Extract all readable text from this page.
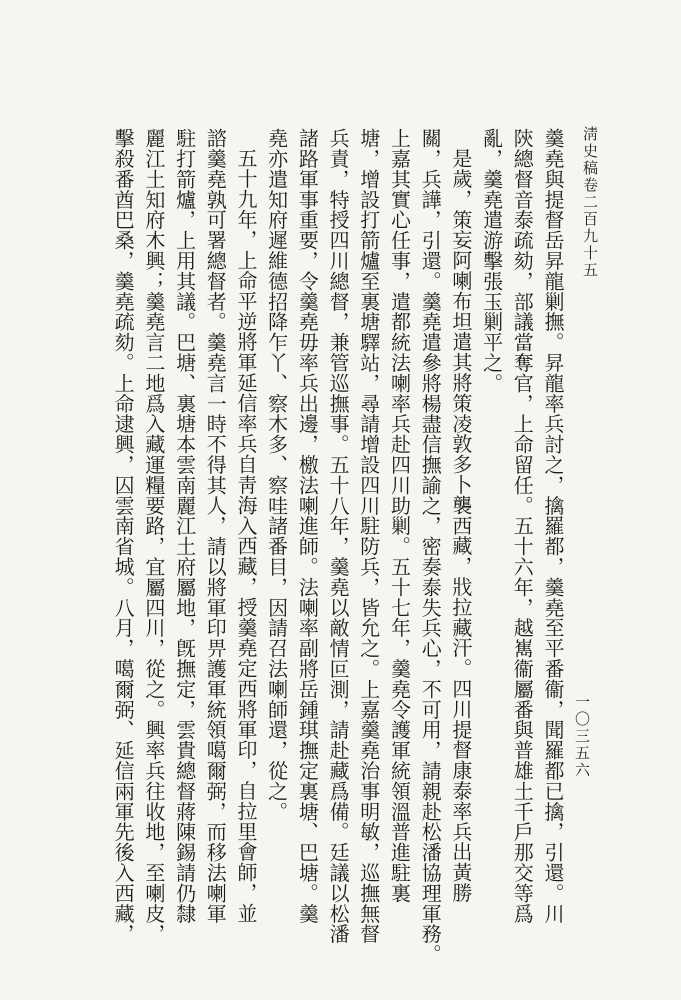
淸史稿卷二百九十五
一〇三五六
羹堯與提督岳昇龍剿撫。昇龍率兵討之，擒羅都，羹堯至平番衞，聞羅都已擒，引還。川
陝總督音泰疏劾，部議當奪官，上命留任。五十六年，越嶲衞屬番與普雄土千戶那交等爲
亂，羹堯遣游擊張玉剿平之。
是歲，策妄阿喇布坦遣其將策凌敦多卜襲西藏，戕拉藏汗。四川提督康泰率兵出黃勝
關，兵譁，引還。羹堯遣參將楊盡信撫諭之，密奏泰失兵心，不可用，請親赴松潘協理軍務。
上嘉其實心任事，遣都統法喇率兵赴四川助剿。五十七年，羹堯令護軍統領溫普進駐裏
塘，增設打箭爐至裏塘驛站，尋請增設四川駐防兵，皆允之。上嘉羹堯治事明敏，巡撫無督
兵責，特授四川總督，兼管巡撫事。五十八年，羹堯以敵情叵測，請赴藏爲備。廷議以松潘
諸路軍事重要，令羹堯毋率兵出邊，檄法喇進師。法喇率副將岳鍾琪撫定裏塘、巴塘。羹
堯亦遣知府遲維德招降乍丫、察木多、察哇諸番目，因請召法喇師還，從之。
五十九年，上命平逆將軍延信率兵自靑海入西藏，授羹堯定西將軍印，自拉里會師，並
諮羹堯孰可署總督者。羹堯言一時不得其人，請以將軍印畀護軍統領噶爾弼，而移法喇軍
駐打箭爐，上用其議。巴塘、裏塘本雲南麗江土府屬地，旣撫定，雲貴總督蔣陳錫請仍隸
麗江土知府木興；羹堯言二地爲入藏運糧要路，宜屬四川，從之。興率兵往收地，至喇皮，
擊殺番酋巴桑，羹堯疏劾。上命逮興，囚雲南省城。八月，噶爾弼、延信兩軍先後入西藏，
